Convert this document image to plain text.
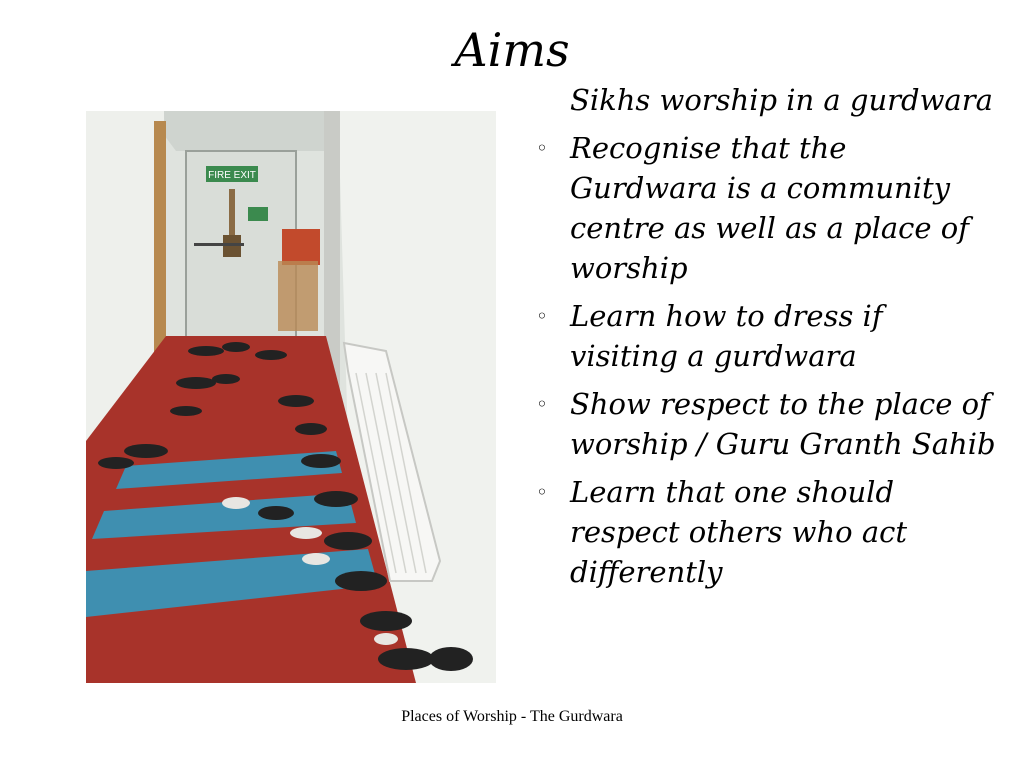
Aims
FIRE EXIT
Sikhs worship in a gurdwara
◦ Recognise that the Gurdwara is a community centre as well as a place of worship
◦ Learn how to dress if visiting a gurdwara
◦ Show respect to the place of worship / Guru Granth Sahib
◦ Learn that one should respect others who act differently
Places of Worship - The Gurdwara
